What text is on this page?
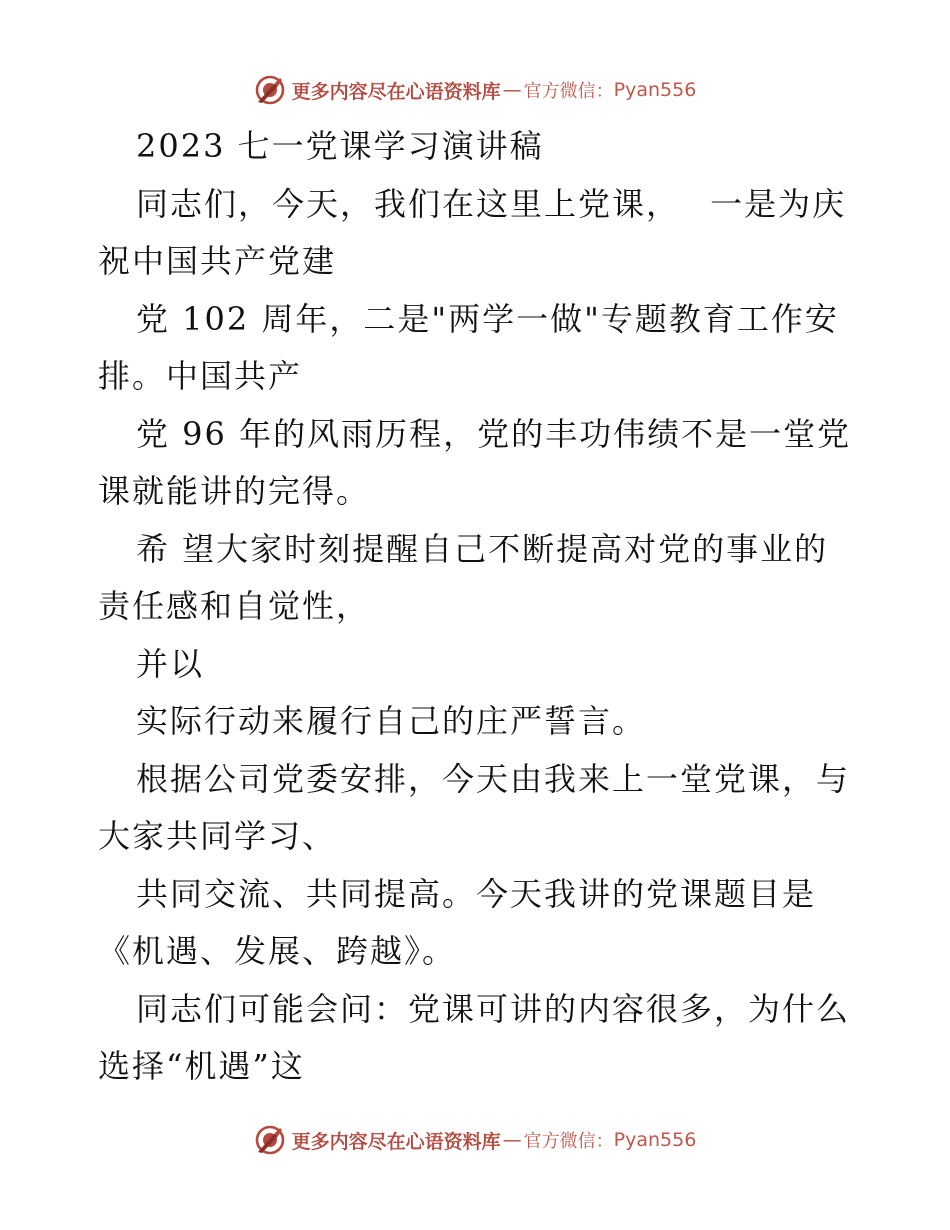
更多内容尽在心语资料库 — 官方微信： Pyan556

2023 七一党课学习演讲稿

同志们，今天，我们在这里上党课，　 一是为庆祝中国共产党建

党 102 周年，二是"两学一做"专题教育工作安排。中国共产

党 96 年的风雨历程，党的丰功伟绩不是一堂党课就能讲的完得。

希 望大家时刻提醒自己不断提高对党的事业的责任感和自觉性，

并以

实际行动来履行自己的庄严誓言。

根据公司党委安排，今天由我来上一堂党课，与大家共同学习、

共同交流、共同提高。今天我讲的党课题目是《机遇、发展、跨越》。

同志们可能会问：党课可讲的内容很多，为什么选择“机遇”这

更多内容尽在心语资料库 — 官方微信： Pyan556
